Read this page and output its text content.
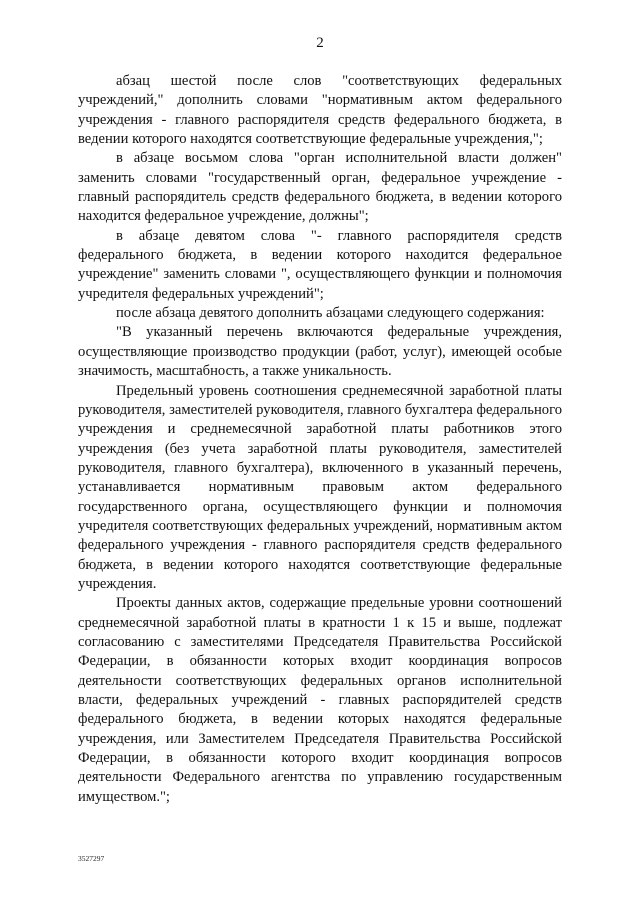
2

абзац шестой после слов "соответствующих федеральных учреждений," дополнить словами "нормативным актом федерального учреждения - главного распорядителя средств федерального бюджета, в ведении которого находятся соответствующие федеральные учреждения,";

в абзаце восьмом слова "орган исполнительной власти должен" заменить словами "государственный орган, федеральное учреждение - главный распорядитель средств федерального бюджета, в ведении которого находится федеральное учреждение, должны";

в абзаце девятом слова "- главного распорядителя средств федерального бюджета, в ведении которого находится федеральное учреждение" заменить словами ", осуществляющего функции и полномочия учредителя федеральных учреждений";

после абзаца девятого дополнить абзацами следующего содержания:

"В указанный перечень включаются федеральные учреждения, осуществляющие производство продукции (работ, услуг), имеющей особые значимость, масштабность, а также уникальность.

Предельный уровень соотношения среднемесячной заработной платы руководителя, заместителей руководителя, главного бухгалтера федерального учреждения и среднемесячной заработной платы работников этого учреждения (без учета заработной платы руководителя, заместителей руководителя, главного бухгалтера), включенного в указанный перечень, устанавливается нормативным правовым актом федерального государственного органа, осуществляющего функции и полномочия учредителя соответствующих федеральных учреждений, нормативным актом федерального учреждения - главного распорядителя средств федерального бюджета, в ведении которого находятся соответствующие федеральные учреждения.

Проекты данных актов, содержащие предельные уровни соотношений среднемесячной заработной платы в кратности 1 к 15 и выше, подлежат согласованию с заместителями Председателя Правительства Российской Федерации, в обязанности которых входит координация вопросов деятельности соответствующих федеральных органов исполнительной власти, федеральных учреждений - главных распорядителей средств федерального бюджета, в ведении которых находятся федеральные учреждения, или Заместителем Председателя Правительства Российской Федерации, в обязанности которого входит координация вопросов деятельности Федерального агентства по управлению государственным имуществом.";

3527297
